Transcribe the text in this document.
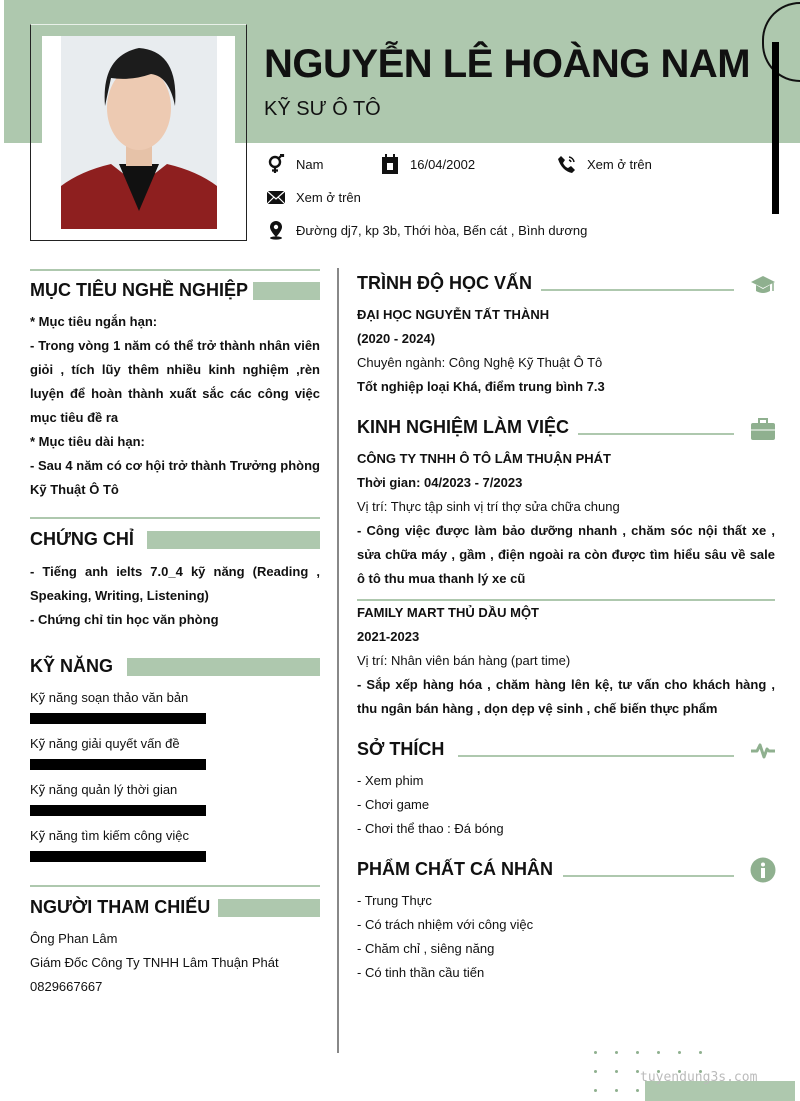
NGUYỄN LÊ HOÀNG NAM
KỸ SƯ Ô TÔ
Nam	16/04/2002	Xem ở trên
Xem ở trên
Đường dj7, kp 3b, Thới hòa, Bến cát , Bình dương
MỤC TIÊU NGHỀ NGHIỆP
* Mục tiêu ngắn hạn:
- Trong vòng 1 năm có thể trở thành nhân viên giỏi , tích lũy thêm nhiều kinh nghiệm ,rèn luyện để hoàn thành xuất sắc các công việc mục tiêu đề ra
* Mục tiêu dài hạn:
- Sau 4 năm có cơ hội trở thành Trưởng phòng Kỹ Thuật Ô Tô
CHỨNG CHỈ
- Tiếng anh ielts 7.0_4 kỹ năng (Reading , Speaking, Writing, Listening)
- Chứng chỉ tin học văn phòng
KỸ NĂNG
Kỹ năng soạn thảo văn bản
Kỹ năng giải quyết vấn đề
Kỹ năng quản lý thời gian
Kỹ năng tìm kiếm công việc
NGƯỜI THAM CHIẾU
Ông Phan Lâm
Giám Đốc Công Ty TNHH Lâm Thuận Phát
0829667667
TRÌNH ĐỘ HỌC VẤN
ĐẠI HỌC NGUYỄN TẤT THÀNH
(2020 - 2024)
Chuyên ngành: Công Nghệ Kỹ Thuật Ô Tô
Tốt nghiệp loại Khá, điểm trung bình 7.3
KINH NGHIỆM LÀM VIỆC
CÔNG TY TNHH Ô TÔ LÂM THUẬN PHÁT
Thời gian: 04/2023 - 7/2023
Vị trí: Thực tập sinh vị trí thợ sửa chữa chung
- Công việc được làm bảo dưỡng nhanh , chăm sóc nội thất xe , sửa chữa máy , gầm , điện ngoài ra còn được tìm hiểu sâu về sale ô tô thu mua thanh lý xe cũ
FAMILY MART THỦ DẦU MỘT
2021-2023
Vị trí: Nhân viên bán hàng (part time)
- Sắp xếp hàng hóa , chăm hàng lên kệ, tư vấn cho khách hàng , thu ngân bán hàng , dọn dẹp vệ sinh , chế biến thực phẩm
SỞ THÍCH
- Xem phim
- Chơi game
- Chơi thể thao : Đá bóng
PHẨM CHẤT CÁ NHÂN
- Trung Thực
- Có trách nhiệm với công việc
- Chăm chỉ , siêng năng
- Có tinh thần cầu tiến
tuyendung3s.com
